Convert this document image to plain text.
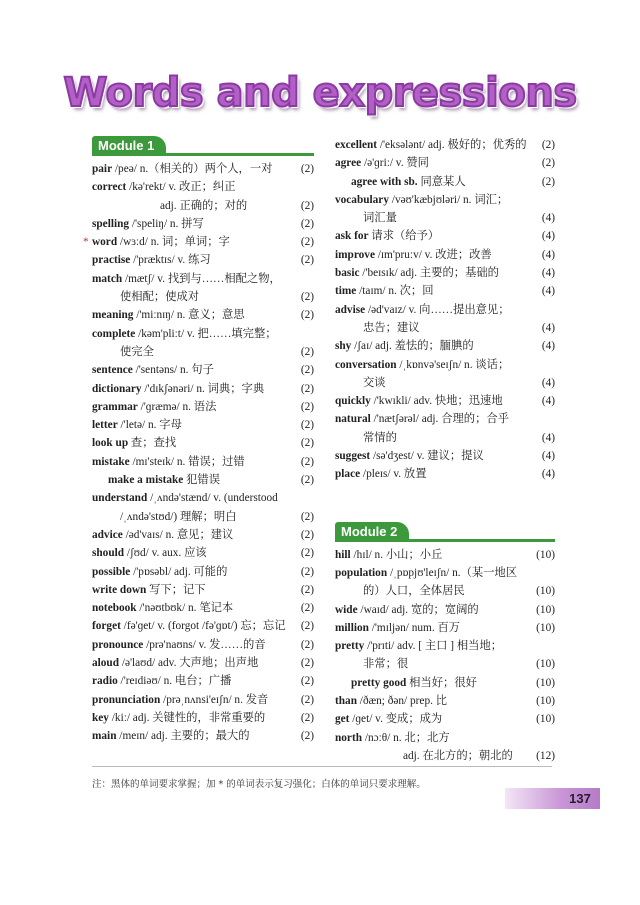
Words and expressions
Module 1
pair /peə/ n.（相关的）两个人，一对	(2)
correct /kə'rekt/ v. 改正；纠正
adj. 正确的；对的	(2)
spelling /'speliŋ/ n. 拼写	(2)
* word /wɜːd/ n. 词；单词；字	(2)
practise /'præktɪs/ v. 练习	(2)
match /mætʃ/ v. 找到与……相配之物，
使相配；使成对	(2)
meaning /'miːnɪŋ/ n. 意义；意思	(2)
complete /kəm'pliːt/ v. 把……填完整；
使完全	(2)
sentence /'sentəns/ n. 句子	(2)
dictionary /'dɪkʃənəri/ n. 词典；字典	(2)
grammar /'ɡræmə/ n. 语法	(2)
letter /'letə/ n. 字母	(2)
look up 查；查找	(2)
mistake /mɪ'steɪk/ n. 错误；过错	(2)
make a mistake 犯错误	(2)
understand /ˌʌndə'stænd/ v. (understood
/ˌʌndə'stʊd/) 理解；明白	(2)
advice /əd'vaɪs/ n. 意见；建议	(2)
should /ʃʊd/ v. aux. 应该	(2)
possible /'pɒsəbl/ adj. 可能的	(2)
write down 写下；记下	(2)
notebook /'nəʊtbʊk/ n. 笔记本	(2)
forget /fə'ɡet/ v. (forgot /fə'ɡɒt/) 忘；忘记 (2)
pronounce /prə'naʊns/ v. 发……的音	(2)
aloud /ə'laʊd/ adv. 大声地；出声地	(2)
radio /'reɪdiəʊ/ n. 电台；广播	(2)
pronunciation /prəˌnʌnsi'eɪʃn/ n. 发音	(2)
key /kiː/ adj. 关键性的，非常重要的	(2)
main /meɪn/ adj. 主要的；最大的	(2)
excellent /'eksələnt/ adj. 极好的；优秀的 (2)
agree /ə'ɡriː/ v. 赞同	(2)
agree with sb. 同意某人	(2)
vocabulary /vəʊ'kæbjʊləri/ n. 词汇；
词汇量	(4)
ask for 请求（给予）	(4)
improve /ɪm'pruːv/ v. 改进；改善	(4)
basic /'beɪsɪk/ adj. 主要的；基础的	(4)
time /taɪm/ n. 次；回	(4)
advise /əd'vaɪz/ v. 向……提出意见；
忠告；建议	(4)
shy /ʃaɪ/ adj. 羞怯的；腼腆的	(4)
conversation /ˌkɒnvə'seɪʃn/ n. 谈话；
交谈	(4)
quickly /'kwɪkli/ adv. 快地；迅速地	(4)
natural /'nætʃərəl/ adj. 合理的；合乎
常情的	(4)
suggest /sə'dʒest/ v. 建议；提议	(4)
place /pleɪs/ v. 放置	(4)
Module 2
hill /hɪl/ n. 小山；小丘	(10)
population /ˌpɒpjʊ'leɪʃn/ n.（某一地区
的）人口，全体居民	(10)
wide /waɪd/ adj. 宽的；宽阔的	(10)
million /'mɪljən/ num. 百万	(10)
pretty /'prɪti/ adv. [ 主口 ] 相当地；
非常；很	(10)
pretty good 相当好；很好	(10)
than /ðæn; ðən/ prep. 比	(10)
get /ɡet/ v. 变成；成为	(10)
north /nɔːθ/ n. 北；北方
adj. 在北方的；朝北的 (12)
注：黑体的单词要求掌握；加 * 的单词表示复习强化；白体的单词只要求理解。
137
